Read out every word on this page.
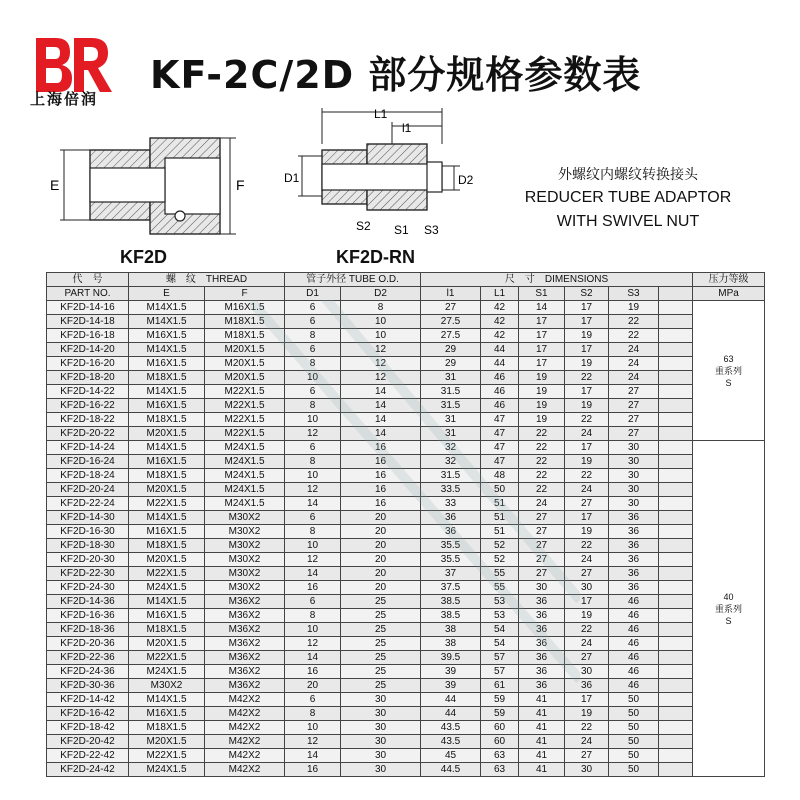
上海倍润
KF-2C/2D 部分规格参数表
E	F
KF2D
L1
l1
D1	D2
S2 S1 S3
KF2D-RN
外螺纹内螺纹转换接头
REDUCER TUBE ADAPTOR
WITH SWIVEL NUT
代　号	螺　纹　THREAD		管子外径 TUBE O.D.		尺　寸　DIMENSIONS						压力等级
PART NO.	E	F	D1	D2	l1	L1	S1	S2	S3		MPa
KF2D-14-16	M14X1.5	M16X1.5	6	8	27	42	14	17	19		63
重系列
S

KF2D-14-18	M14X1.5	M18X1.5	6	10	27.5	42	17	17	22		
KF2D-16-18	M16X1.5	M18X1.5	8	10	27.5	42	17	19	22		
KF2D-14-20	M14X1.5	M20X1.5	6	12	29	44	17	17	24		
KF2D-16-20	M16X1.5	M20X1.5	8	12	29	44	17	19	24		
KF2D-18-20	M18X1.5	M20X1.5	10	12	31	46	19	22	24		
KF2D-14-22	M14X1.5	M22X1.5	6	14	31.5	46	19	17	27		
KF2D-16-22	M16X1.5	M22X1.5	8	14	31.5	46	19	19	27		
KF2D-18-22	M18X1.5	M22X1.5	10	14	31	47	19	22	27		
KF2D-20-22	M20X1.5	M22X1.5	12	14	31	47	22	24	27		
KF2D-14-24	M14X1.5	M24X1.5	6	16	32	47	22	17	30		40
重系列
S

KF2D-16-24	M16X1.5	M24X1.5	8	16	32	47	22	19	30		
KF2D-18-24	M18X1.5	M24X1.5	10	16	31.5	48	22	22	30		
KF2D-20-24	M20X1.5	M24X1.5	12	16	33.5	50	22	24	30		
KF2D-22-24	M22X1.5	M24X1.5	14	16	33	51	24	27	30		
KF2D-14-30	M14X1.5	M30X2	6	20	36	51	27	17	36		
KF2D-16-30	M16X1.5	M30X2	8	20	36	51	27	19	36		
KF2D-18-30	M18X1.5	M30X2	10	20	35.5	52	27	22	36		
KF2D-20-30	M20X1.5	M30X2	12	20	35.5	52	27	24	36		
KF2D-22-30	M22X1.5	M30X2	14	20	37	55	27	27	36		
KF2D-24-30	M24X1.5	M30X2	16	20	37.5	55	30	30	36		
KF2D-14-36	M14X1.5	M36X2	6	25	38.5	53	36	17	46		
KF2D-16-36	M16X1.5	M36X2	8	25	38.5	53	36	19	46		
KF2D-18-36	M18X1.5	M36X2	10	25	38	54	36	22	46		
KF2D-20-36	M20X1.5	M36X2	12	25	38	54	36	24	46		
KF2D-22-36	M22X1.5	M36X2	14	25	39.5	57	36	27	46		
KF2D-24-36	M24X1.5	M36X2	16	25	39	57	36	30	46		
KF2D-30-36	M30X2	M36X2	20	25	39	61	36	36	46		
KF2D-14-42	M14X1.5	M42X2	6	30	44	59	41	17	50		
KF2D-16-42	M16X1.5	M42X2	8	30	44	59	41	19	50		
KF2D-18-42	M18X1.5	M42X2	10	30	43.5	60	41	22	50		
KF2D-20-42	M20X1.5	M42X2	12	30	43.5	60	41	24	50		
KF2D-22-42	M22X1.5	M42X2	14	30	45	63	41	27	50		
KF2D-24-42	M24X1.5	M42X2	16	30	44.5	63	41	30	50		
